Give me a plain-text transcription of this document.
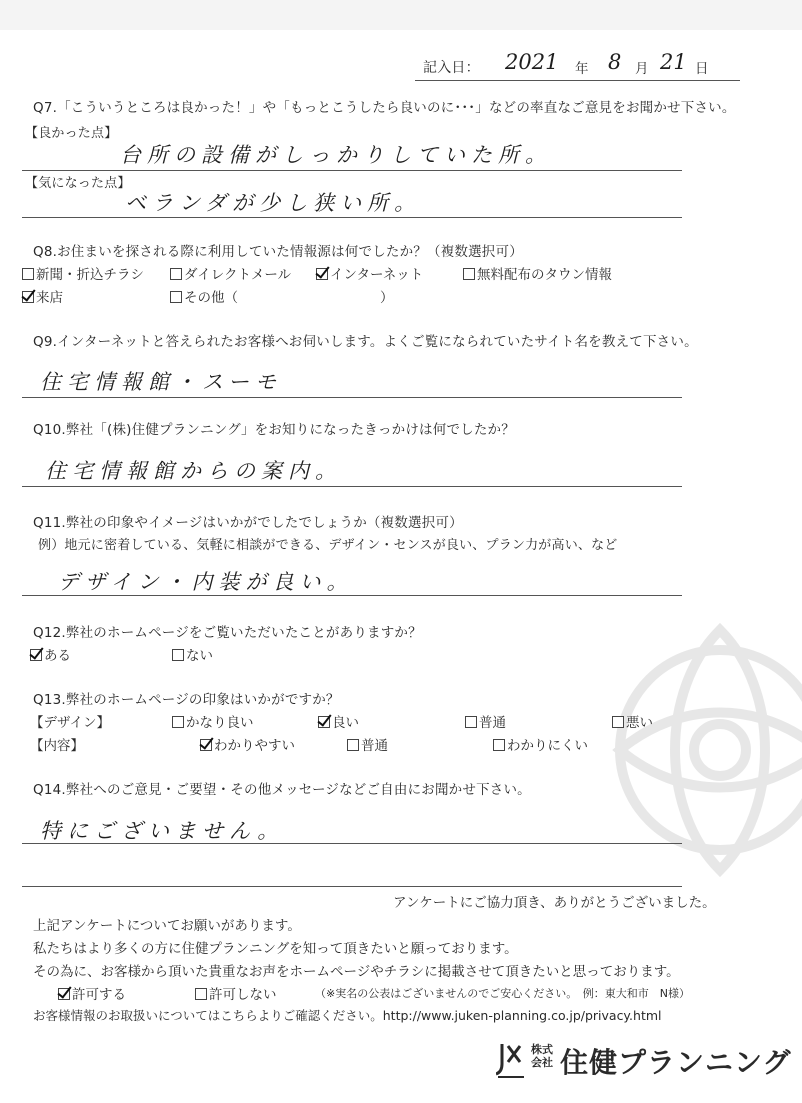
記入日： 2021 年 8 月 21 日
Q7.「こういうところは良かった！」や「もっとこうしたら良いのに･･･」などの率直なご意見をお聞かせ下さい。
【良かった点】
台所の設備がしっかりしていた所。
【気になった点】
ベランダが少し狭い所。
Q8.お住まいを探される際に利用していた情報源は何でしたか？（複数選択可）
新聞・折込チラシ	ダイレクトメール	インターネット	無料配布のタウン情報
来店	その他（	）
Q9.インターネットと答えられたお客様へお伺いします。よくご覧になられていたサイト名を教えて下さい。
住宅情報館・スーモ
Q10.弊社「(株)住健プランニング」をお知りになったきっかけは何でしたか？
住宅情報館からの案内。
Q11.弊社の印象やイメージはいかがでしたでしょうか（複数選択可）
例）地元に密着している、気軽に相談ができる、デザイン・センスが良い、プラン力が高い、など
デザイン・内装が良い。
Q12.弊社のホームページをご覧いただいたことがありますか？
ある	ない
Q13.弊社のホームページの印象はいかがですか？
【デザイン】	かなり良い	良い	普通	悪い
【内容】	わかりやすい	普通	わかりにくい
Q14.弊社へのご意見・ご要望・その他メッセージなどご自由にお聞かせ下さい。
特にございません。
アンケートにご協力頂き、ありがとうございました。
上記アンケートについてお願いがあります。
私たちはより多くの方に住健プランニングを知って頂きたいと願っております。
その為に、お客様から頂いた貴重なお声をホームページやチラシに掲載させて頂きたいと思っております。
許可する	許可しない	（※実名の公表はございませんのでご安心ください。　例：東大和市　N様）
お客様情報のお取扱いについてはこちらよりご確認ください。http://www.juken-planning.co.jp/privacy.html
株式会社 住健プランニング
